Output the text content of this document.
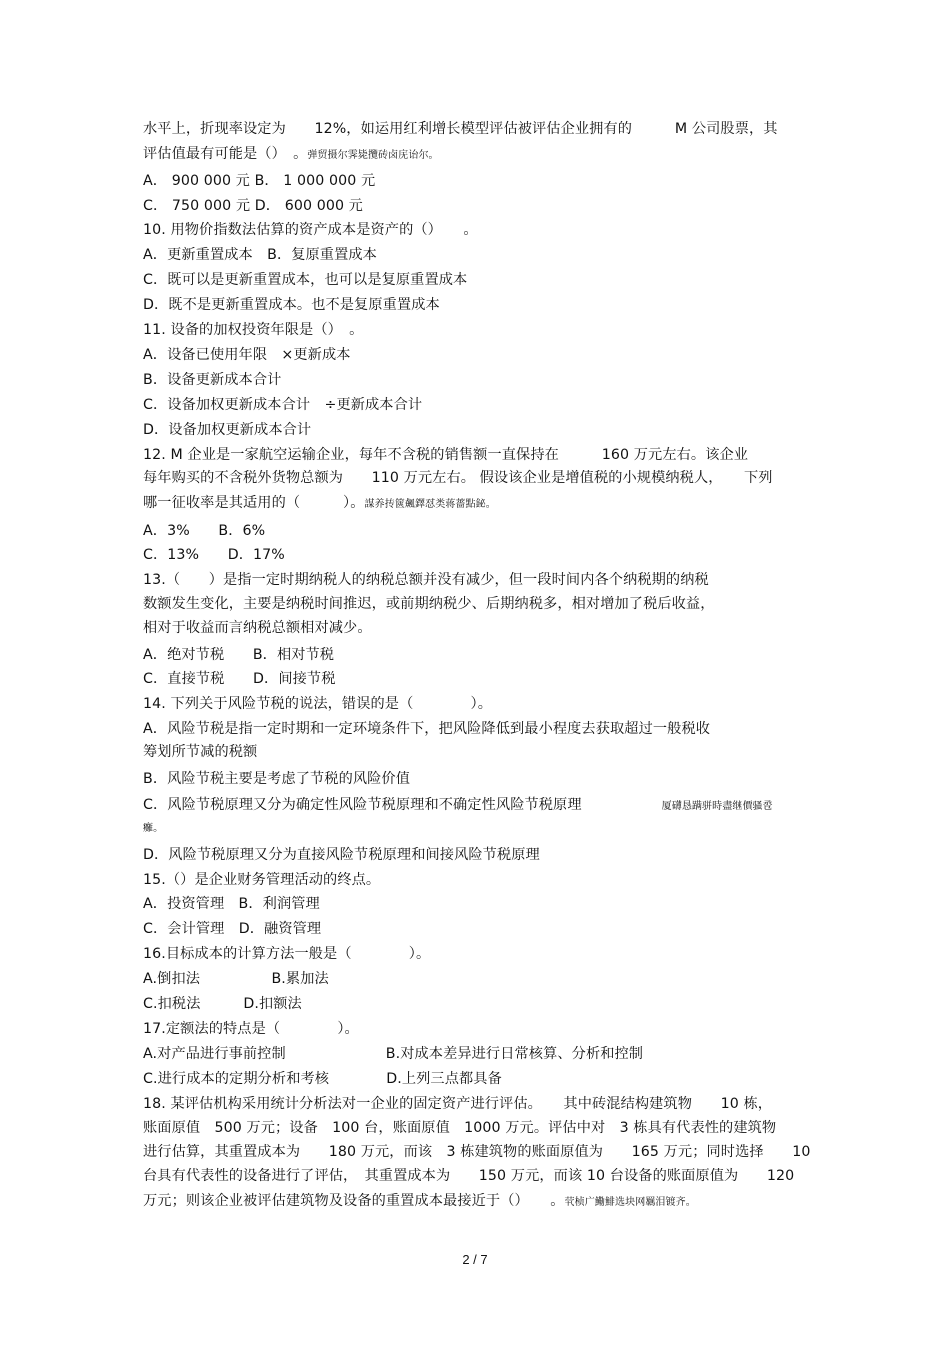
水平上，折现率设定为　　12%，如运用红利增长模型评估被评估企业拥有的　　　M 公司股票，其
评估值最有可能是（）　。弹贸摄尔霁毙攬砖卤庑诒尔。
A． 900 000 元 B． 1 000 000 元
C． 750 000 元 D． 600 000 元
10. 用物价指数法估算的资产成本是资产的（）　　。
A．更新重置成本　B．复原重置成本
C．既可以是更新重置成本，也可以是复原重置成本
D．既不是更新重置成本。也不是复原重置成本
11. 设备的加权投资年限是（）　。
A．设备已使用年限　×更新成本
B．设备更新成本合计
C．设备加权更新成本合计　÷更新成本合计
D．设备加权更新成本合计
12. M 企业是一家航空运输企业，每年不含税的销售额一直保持在　　　160 万元左右。该企业
每年购买的不含税外货物总额为　　110 万元左右。 假设该企业是增值税的小规模纳税人，　　下列
哪一征收率是其适用的（　　　）。謀养抟篋飆鐸怼类蒋薔點鉍。
A．3%　　B．6%
C．13%　　D．17%
13.（　　）是指一定时期纳税人的纳税总额并没有减少，但一段时间内各个纳税期的纳税
数额发生变化，主要是纳税时间推迟，或前期纳税少、后期纳税多，相对增加了税后收益，
相对于收益而言纳税总额相对减少。
A．绝对节税　　B．相对节税
C．直接节税　　D．间接节税
14. 下列关于风险节税的说法，错误的是（　　　　）。
A．风险节税是指一定时期和一定环境条件下，把风险降低到最小程度去获取超过一般税收
筹划所节减的税额
B．风险节税主要是考虑了节税的风险价值
C．风险节税原理又分为确定性风险节税原理和不确定性风险节税原理	厦礴恳蹒骈時盡继價骚卺
癱。
D．风险节税原理又分为直接风险节税原理和间接风险节税原理
15.（）是企业财务管理活动的终点。
A．投资管理　B．利润管理
C．会计管理　D．融资管理
16.目标成本的计算方法一般是（　　　　）。
A.倒扣法　　　　　B.累加法
C.扣税法　　　D.扣额法
17.定额法的特点是（　　　　）。
A.对产品进行事前控制　　　　　　　B.对成本差异进行日常核算、分析和控制
C.进行成本的定期分析和考核　　　　D.上列三点都具备
18. 某评估机构采用统计分析法对一企业的固定资产进行评估。　　其中砖混结构建筑物　　10 栋，
账面原值　500 万元；设备　100 台，账面原值　1000 万元。评估中对　3 栋具有代表性的建筑物
进行估算，其重置成本为　　180 万元，而该　3 栋建筑物的账面原值为　　165 万元；同时选择　　10
台具有代表性的设备进行了评估，　其重置成本为　　150 万元，而该 10 台设备的账面原值为　　120
万元；则该企业被评估建筑物及设备的重置成本最接近于（）　　。茕桢广鰳鯡选块网羈泪镀齐。
2 / 7
